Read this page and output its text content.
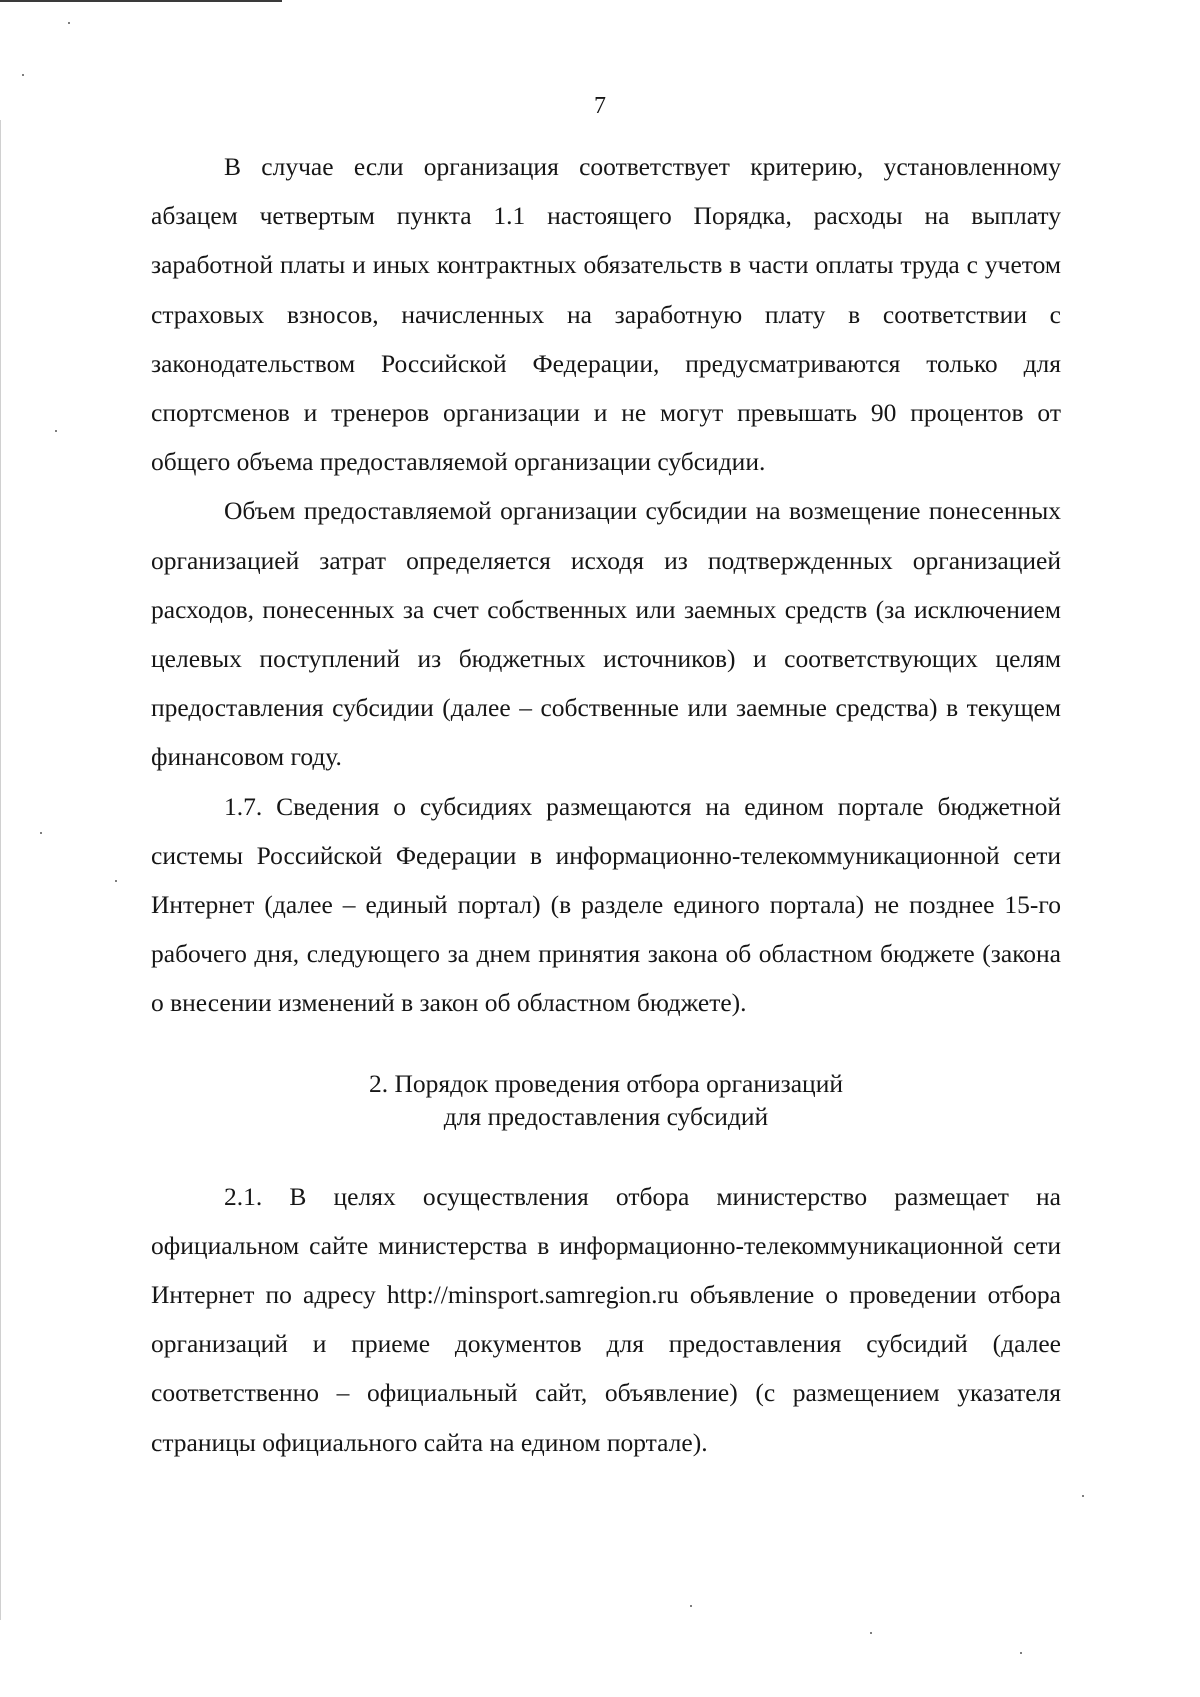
7

В случае если организация соответствует критерию, установленному абзацем четвертым пункта 1.1 настоящего Порядка, расходы на выплату заработной платы и иных контрактных обязательств в части оплаты труда с учетом страховых взносов, начисленных на заработную плату в соответствии с законодательством Российской Федерации, предусматриваются только для спортсменов и тренеров организации и не могут превышать 90 процентов от общего объема предоставляемой организации субсидии.

Объем предоставляемой организации субсидии на возмещение понесенных организацией затрат определяется исходя из подтвержденных организацией расходов, понесенных за счет собственных или заемных средств (за исключением целевых поступлений из бюджетных источников) и соответствующих целям предоставления субсидии (далее – собственные или заемные средства) в текущем финансовом году.

1.7. Сведения о субсидиях размещаются на едином портале бюджетной системы Российской Федерации в информационно-телекоммуникационной сети Интернет (далее – единый портал) (в разделе единого портала) не позднее 15-го рабочего дня, следующего за днем принятия закона об областном бюджете (закона о внесении изменений в закон об областном бюджете).

2. Порядок проведения отбора организаций
для предоставления субсидий

2.1. В целях осуществления отбора министерство размещает на официальном сайте министерства в информационно-телекоммуникационной сети Интернет по адресу http://minsport.samregion.ru объявление о проведении отбора организаций и приеме документов для предоставления субсидий (далее соответственно – официальный сайт, объявление) (с размещением указателя страницы официального сайта на едином портале).
